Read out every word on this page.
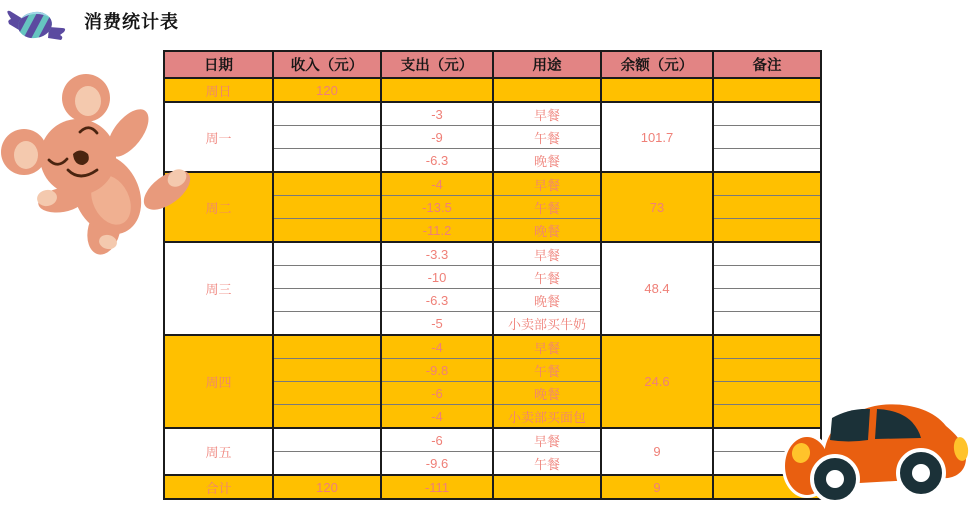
消费统计表
日期	收入（元）	支出（元）	用途	余额（元）	备注
周日	120				
周一		-3	早餐	101.7	
		-9	午餐		
		-6.3	晚餐		
周二		-4	早餐	73	
		-13.5	午餐		
		-11.2	晚餐		
周三		-3.3	早餐	48.4	
		-10	午餐		
		-6.3	晚餐		
		-5	小卖部买牛奶		
周四		-4	早餐	24.6	
		-9.8	午餐		
		-6	晚餐		
		-4	小卖部买面包		
周五		-6	早餐	9	
		-9.6	午餐		
合计	120	-111		9	
